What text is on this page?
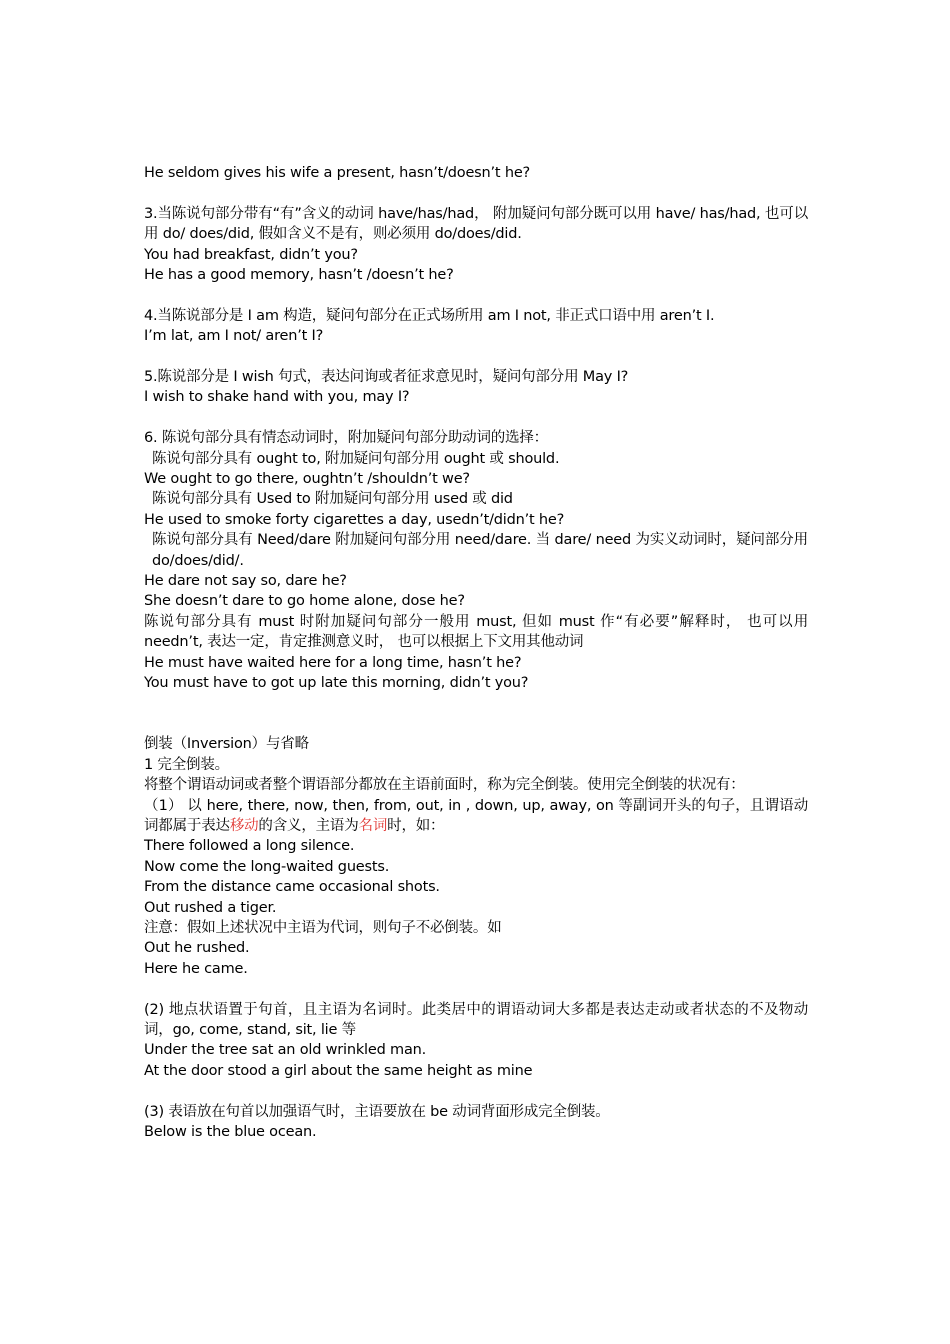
He seldom gives his wife a present, hasn’t/doesn’t he?
3.当陈说句部分带有“有”含义的动词 have/has/had， 附加疑问句部分既可以用 have/ has/had, 也可以用 do/ does/did, 假如含义不是有，则必须用 do/does/did.
You had breakfast, didn’t you?
He has a good memory, hasn’t /doesn’t he?
4.当陈说部分是 I am 构造，疑问句部分在正式场所用 am I not, 非正式口语中用 aren’t I.
I’m lat, am I not/ aren’t I?
5.陈说部分是 I wish 句式，表达问询或者征求意见时，疑问句部分用 May I?
I wish to shake hand with you, may I?
6. 陈说句部分具有情态动词时，附加疑问句部分助动词的选择：
陈说句部分具有 ought to, 附加疑问句部分用 ought 或 should.
We ought to go there, oughtn’t /shouldn’t we?
陈说句部分具有 Used to 附加疑问句部分用 used 或 did
He used to smoke forty cigarettes a day, usedn’t/didn’t he?
陈说句部分具有 Need/dare 附加疑问句部分用 need/dare. 当 dare/ need 为实义动词时，疑问部分用 do/does/did/.
He dare not say so, dare he?
She doesn’t dare to go home alone, dose he?
陈说句部分具有 must 时附加疑问句部分一般用 must, 但如 must 作“有必要”解释时， 也可以用 needn’t, 表达一定，肯定推测意义时， 也可以根据上下文用其他动词
He must have waited here for a long time, hasn’t he?
You must have to got up late this morning, didn’t you?
倒装（Inversion）与省略
1 完全倒装。
将整个谓语动词或者整个谓语部分都放在主语前面时，称为完全倒装。使用完全倒装的状况有：
（1） 以 here, there, now, then, from, out, in , down, up, away, on 等副词开头的句子，且谓语动词都属于表达移动的含义，主语为名词时，如：
There followed a long silence.
Now come the long-waited guests.
From the distance came occasional shots.
Out rushed a tiger.
注意：假如上述状况中主语为代词，则句子不必倒装。如
Out he rushed.
Here he came.
(2) 地点状语置于句首，且主语为名词时。此类居中的谓语动词大多都是表达走动或者状态的不及物动词，go, come, stand, sit, lie 等
Under the tree sat an old wrinkled man.
At the door stood a girl about the same height as mine
(3) 表语放在句首以加强语气时，主语要放在 be 动词背面形成完全倒装。
Below is the blue ocean.
